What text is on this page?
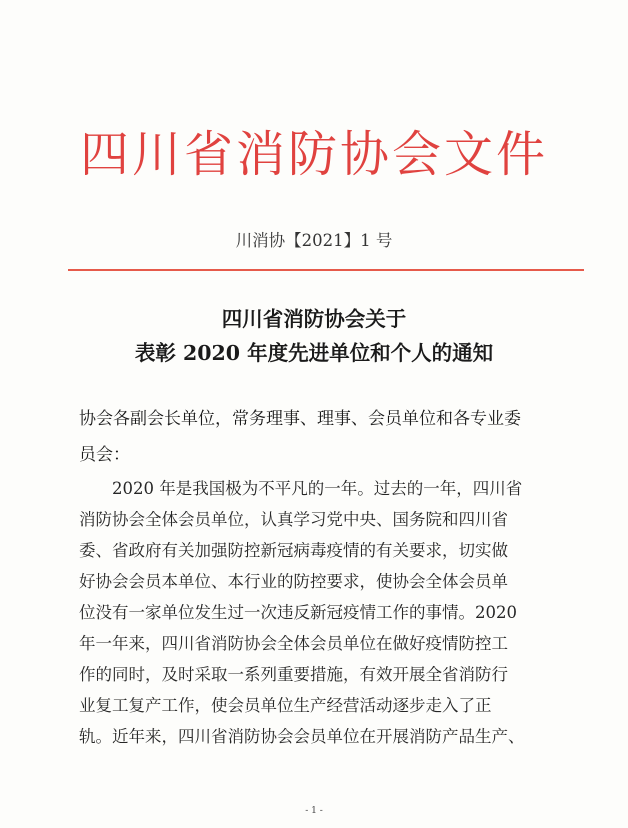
四川省消防协会文件
川消协【2021】1 号
四川省消防协会关于
表彰 2020 年度先进单位和个人的通知
协会各副会长单位，常务理事、理事、会员单位和各专业委
员会：
2020 年是我国极为不平凡的一年。过去的一年，四川省
消防协会全体会员单位，认真学习党中央、国务院和四川省
委、省政府有关加强防控新冠病毒疫情的有关要求，切实做
好协会会员本单位、本行业的防控要求，使协会全体会员单
位没有一家单位发生过一次违反新冠疫情工作的事情。2020
年一年来，四川省消防协会全体会员单位在做好疫情防控工
作的同时，及时采取一系列重要措施，有效开展全省消防行
业复工复产工作，使会员单位生产经营活动逐步走入了正
轨。近年来，四川省消防协会会员单位在开展消防产品生产、
- 1 -
